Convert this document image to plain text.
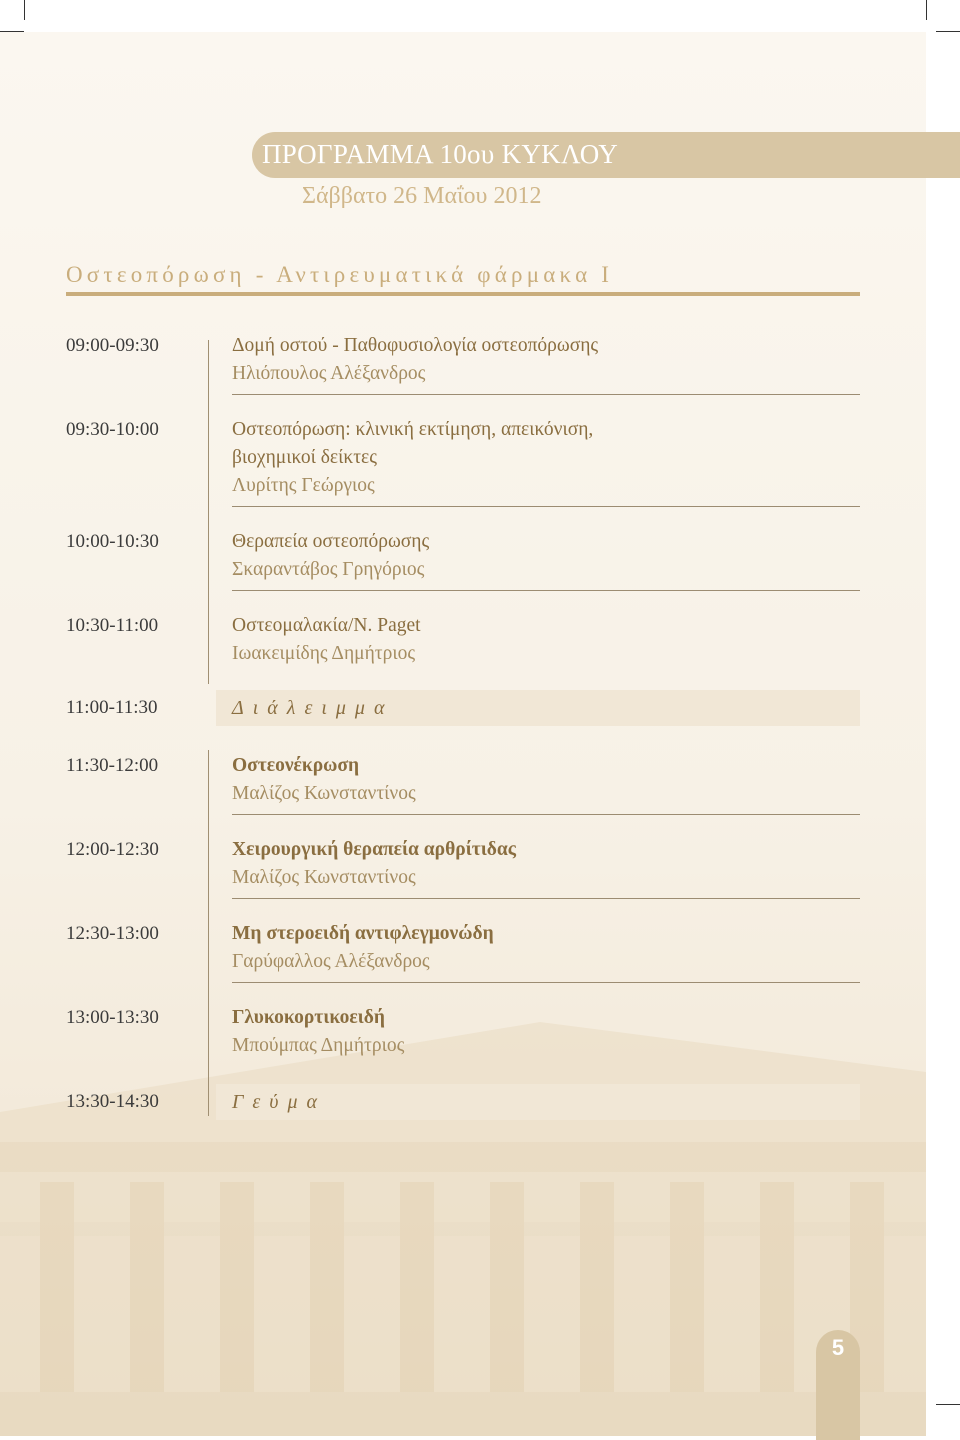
ΠΡΟΓΡΑΜΜΑ 10ου ΚΥΚΛΟΥ
Σάββατο 26 Μαΐου 2012
Οστεοπόρωση - Αντιρευματικά φάρμακα Ι
09:00-09:30	Δομή οστού - Παθοφυσιολογία οστεοπόρωσης
Ηλιόπουλος Αλέξανδρος
09:30-10:00	Οστεοπόρωση: κλινική εκτίμηση, απεικόνιση,
βιοχημικοί δείκτες
Λυρίτης Γεώργιος
10:00-10:30	Θεραπεία οστεοπόρωσης
Σκαραντάβος Γρηγόριος
10:30-11:00	Οστεομαλακία/Ν. Paget
Ιωακειμίδης Δημήτριος
11:00-11:30	Διάλειμμα
11:30-12:00	Οστεονέκρωση
Μαλίζος Κωνσταντίνος
12:00-12:30	Χειρουργική θεραπεία αρθρίτιδας
Μαλίζος Κωνσταντίνος
12:30-13:00	Μη στεροειδή αντιφλεγμονώδη
Γαρύφαλλος Αλέξανδρος
13:00-13:30	Γλυκοκορτικοειδή
Μπούμπας Δημήτριος
13:30-14:30	Γεύμα
5
